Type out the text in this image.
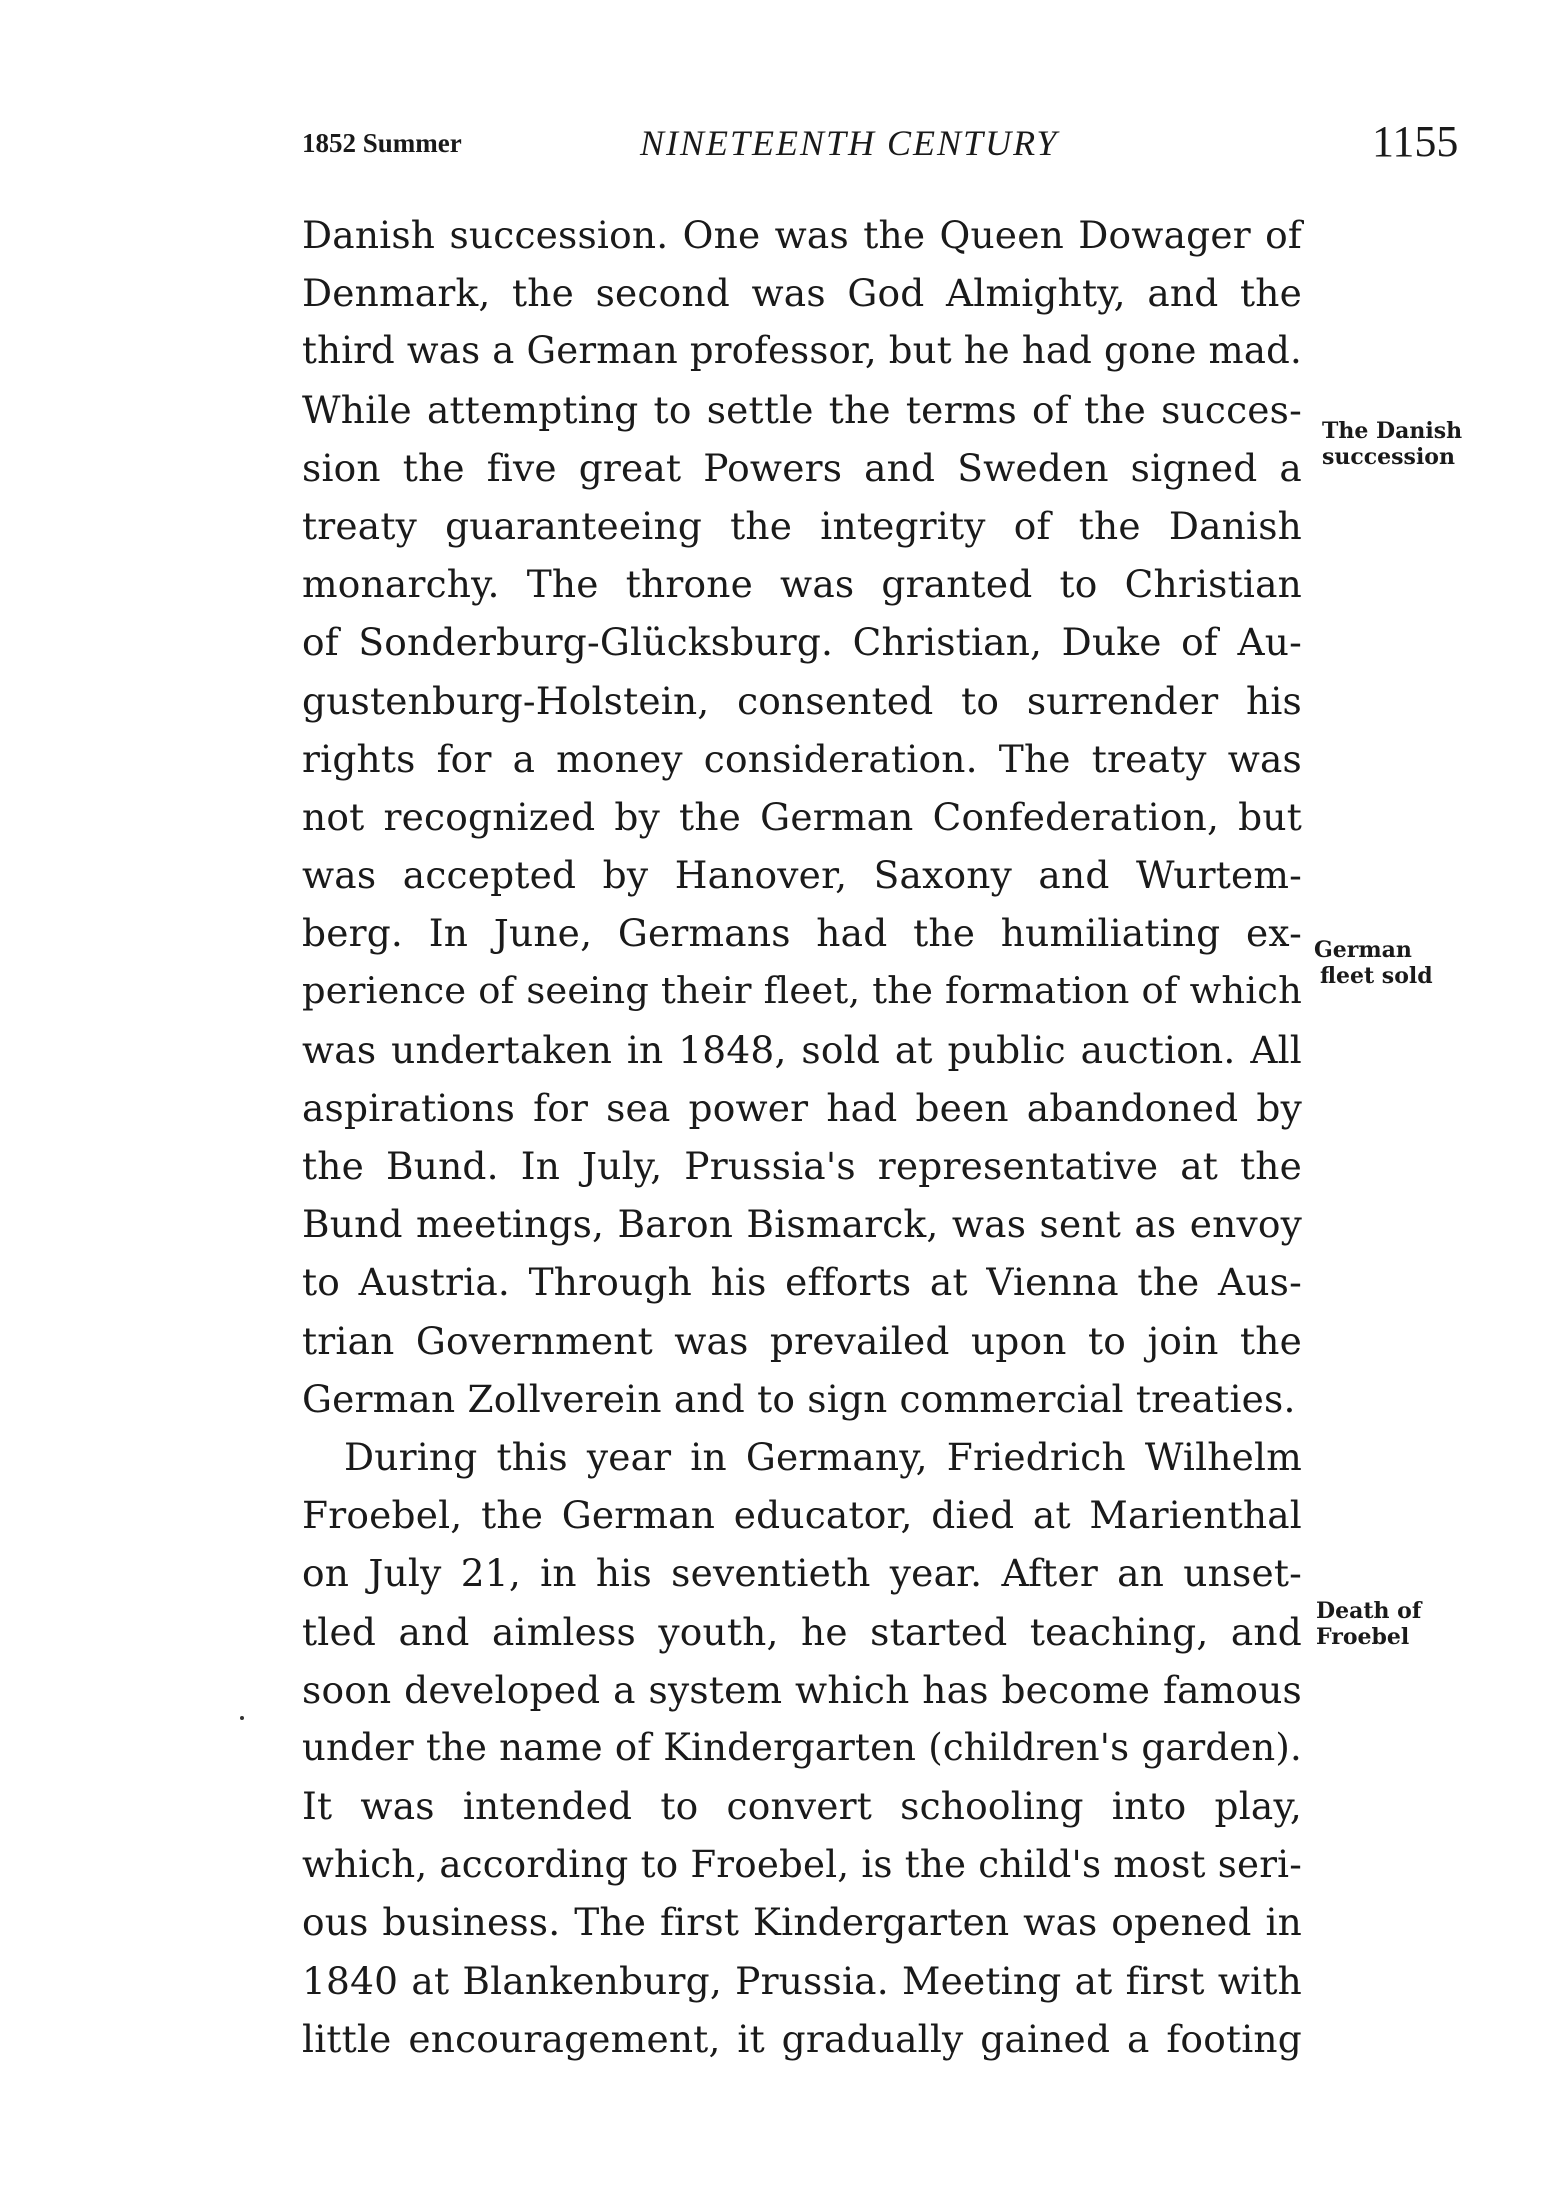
1852 Summer	NINETEENTH CENTURY	1155
Danish succession. One was the Queen Dowager of
Denmark, the second was God Almighty, and the
third was a German professor, but he had gone mad.
While attempting to settle the terms of the succes-
sion the five great Powers and Sweden signed a
treaty guaranteeing the integrity of the Danish
monarchy. The throne was granted to Christian
of Sonderburg-Glücksburg. Christian, Duke of Au-
gustenburg-Holstein, consented to surrender his
rights for a money consideration. The treaty was
not recognized by the German Confederation, but
was accepted by Hanover, Saxony and Wurtem-
berg. In June, Germans had the humiliating ex-
perience of seeing their fleet, the formation of which
was undertaken in 1848, sold at public auction. All
aspirations for sea power had been abandoned by
the Bund. In July, Prussia's representative at the
Bund meetings, Baron Bismarck, was sent as envoy
to Austria. Through his efforts at Vienna the Aus-
trian Government was prevailed upon to join the
German Zollverein and to sign commercial treaties.
During this year in Germany, Friedrich Wilhelm
Froebel, the German educator, died at Marienthal
on July 21, in his seventieth year. After an unset-
tled and aimless youth, he started teaching, and
soon developed a system which has become famous
under the name of Kindergarten (children's garden).
It was intended to convert schooling into play,
which, according to Froebel, is the child's most seri-
ous business. The first Kindergarten was opened in
1840 at Blankenburg, Prussia. Meeting at first with
little encouragement, it gradually gained a footing
The Danish
succession
German
fleet sold
Death of
Froebel
